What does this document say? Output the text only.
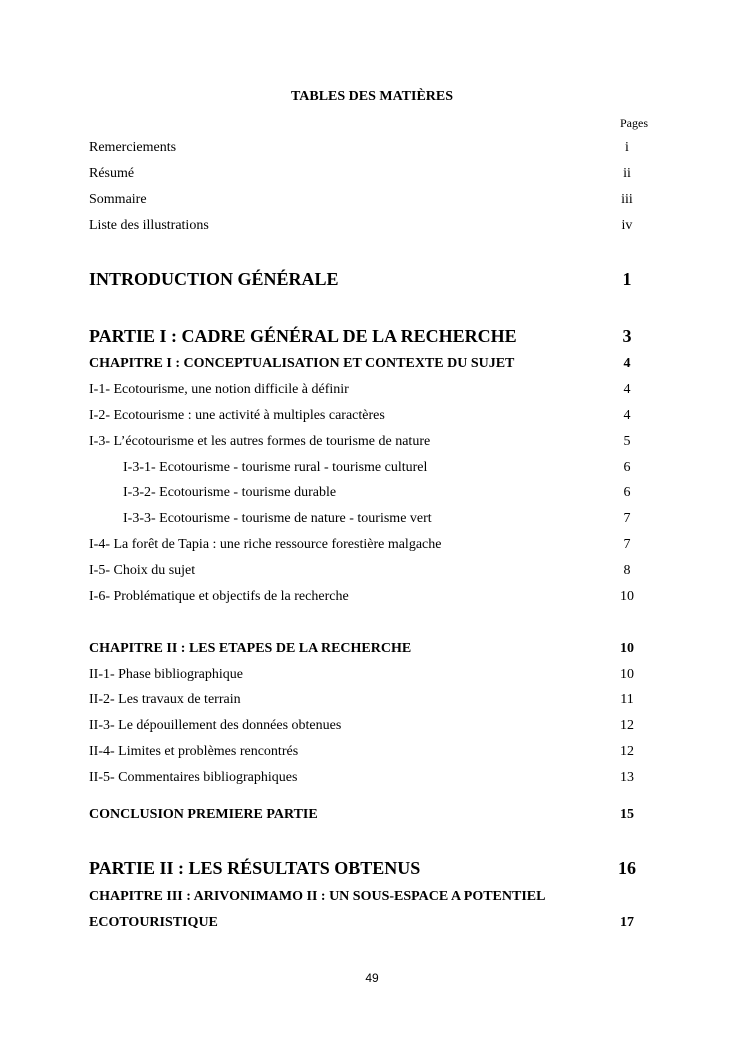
TABLES DES MATIÈRES
Pages
Remerciements	i
Résumé	ii
Sommaire	iii
Liste des illustrations	iv
INTRODUCTION GÉNÉRALE	1
PARTIE I : CADRE GÉNÉRAL DE LA RECHERCHE	3
CHAPITRE I : CONCEPTUALISATION ET CONTEXTE DU SUJET	4
I-1- Ecotourisme, une notion difficile à définir	4
I-2- Ecotourisme : une activité à multiples caractères	4
I-3- L’écotourisme et les autres formes de tourisme de nature	5
I-3-1- Ecotourisme - tourisme rural - tourisme culturel	6
I-3-2- Ecotourisme - tourisme durable	6
I-3-3- Ecotourisme - tourisme de nature - tourisme vert	7
I-4- La forêt de Tapia : une riche ressource forestière malgache	7
I-5- Choix du sujet	8
I-6- Problématique et objectifs de la recherche	10
CHAPITRE II : LES ETAPES DE LA RECHERCHE	10
II-1- Phase bibliographique	10
II-2- Les travaux de terrain	11
II-3- Le dépouillement des données obtenues	12
II-4- Limites et problèmes rencontrés	12
II-5- Commentaires bibliographiques	13
CONCLUSION PREMIERE PARTIE	15
PARTIE II : LES RÉSULTATS OBTENUS	16
CHAPITRE III : ARIVONIMAMO II : UN SOUS-ESPACE A POTENTIEL
ECOTOURISTIQUE	17
49
